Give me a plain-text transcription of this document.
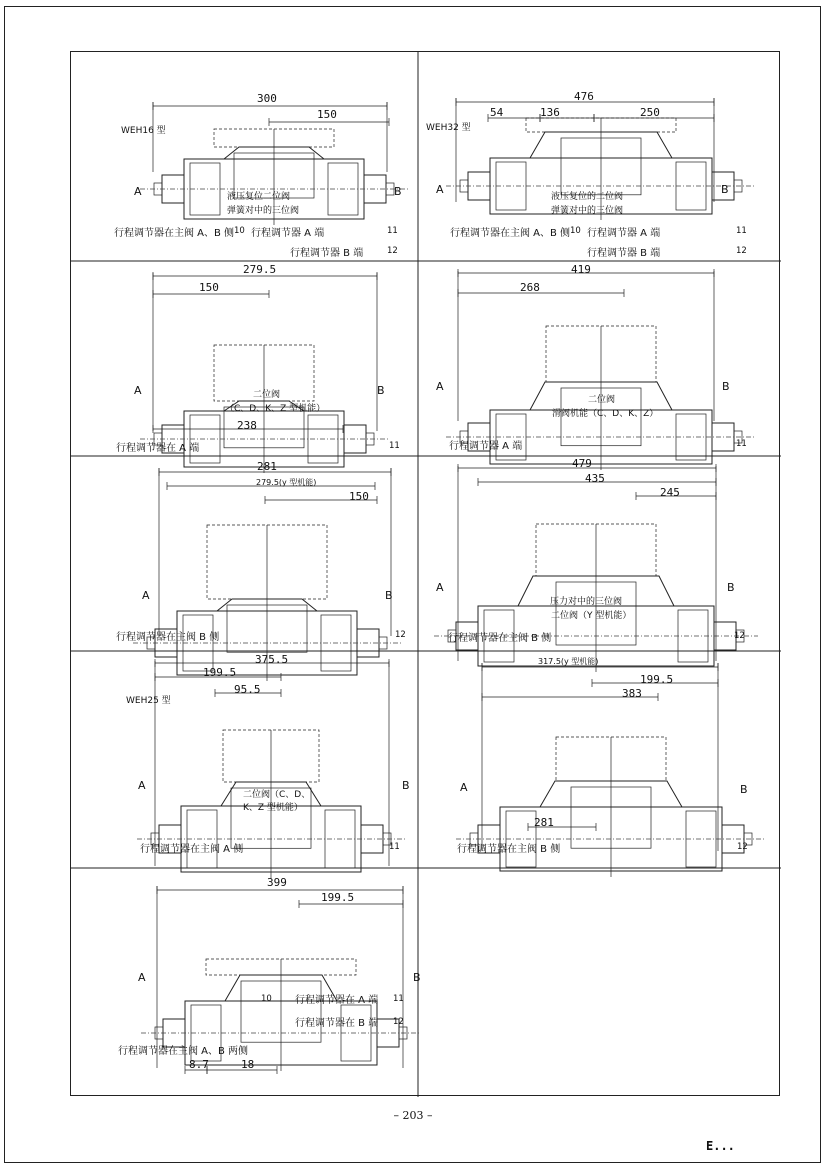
WEH16 型
300
150
A	B
液压复位二位阀
弹簧对中的三位阀
行程调节器在主阀 A、B 侧 10 行程调节器 A 端	11
行程调节器 B 端	12
WEH32 型
476
54	136	250
A	B
液压复位的二位阀
弹簧对中的三位阀
行程调节器在主阀 A、B 侧 10 行程调节器 A 端	11
行程调节器 B 端	12
279.5
150
238
A	B
二位阀
（C、D、K、Z 型机能）
行程调节器在 A 端	11
419
268
A	B
二位阀
滑阀机能（C、D、K、Z）
行程调节器 A 端	11
281
279.5(y 型机能)
150
A	B
行程调节器在主阀 B 侧	12
479
435
245
A	B
压力对中的三位阀
二位阀（Y 型机能）
行程调节器在主阀 B 侧	12
WEH25 型
375.5
199.5
95.5
A	B
二位阀（C、D、
K、Z 型机能）
行程调节器在主阀 A 侧	11
317.5(y 型机能)
199.5
383
281
A	B
行程调节器在主阀 B 侧	12
399
199.5
8.7	18
A	B
行程调节器在主阀 A、B 两侧
10 行程调节器在 A 端 11
行程调节器在 B 端 12
– 203 –
E...
